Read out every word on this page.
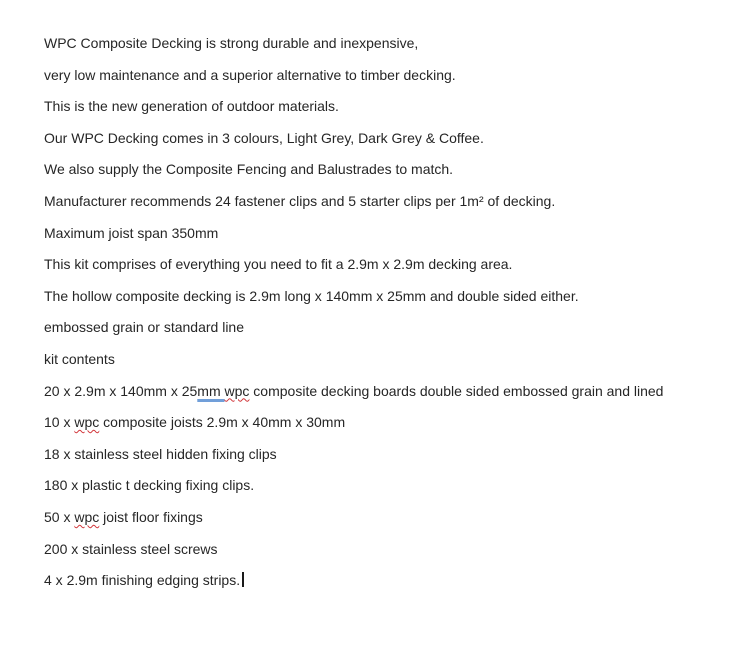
WPC Composite Decking is strong durable and inexpensive,

very low maintenance and a superior alternative to timber decking.

This is the new generation of outdoor materials.

Our WPC Decking comes in 3 colours, Light Grey, Dark Grey & Coffee.

We also supply the Composite Fencing and Balustrades to match.

Manufacturer recommends 24 fastener clips and 5 starter clips per 1m² of decking.

Maximum joist span 350mm

This kit comprises of everything you need to fit a 2.9m x 2.9m decking area.

The hollow composite decking is 2.9m long x 140mm x 25mm and double sided either.

embossed grain or standard line

kit contents

20 x 2.9m x 140mm x 25mm wpc composite decking boards double sided embossed grain and lined

10 x wpc composite joists 2.9m x 40mm x 30mm

18 x stainless steel hidden fixing clips

180 x plastic t decking fixing clips.

50 x wpc joist floor fixings

200 x stainless steel screws

4 x 2.9m finishing edging strips.
